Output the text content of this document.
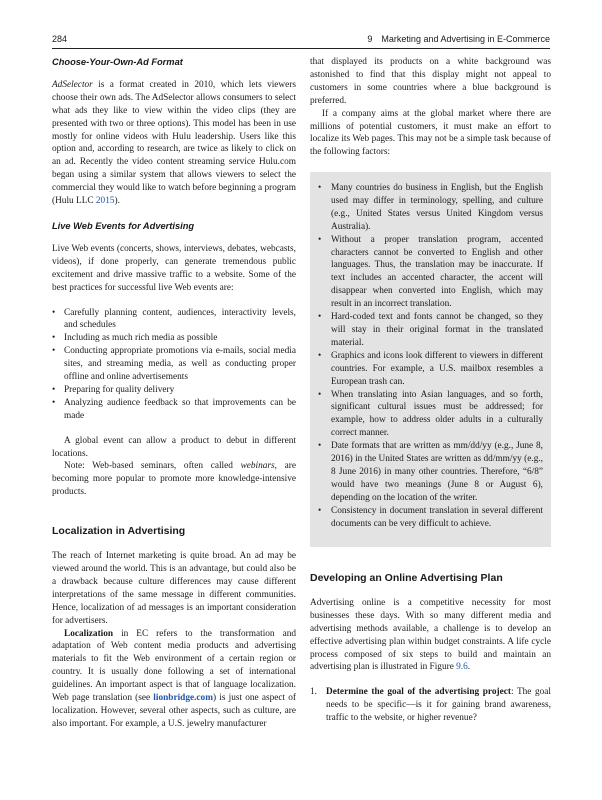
284	9 Marketing and Advertising in E-Commerce
Choose-Your-Own-Ad Format

AdSelector is a format created in 2010, which lets viewers choose their own ads. The AdSelector allows consumers to select what ads they like to view within the video clips (they are presented with two or three options). This model has been in use mostly for online videos with Hulu leadership. Users like this option and, according to research, are twice as likely to click on an ad. Recently the video content streaming service Hulu.com began using a similar system that allows viewers to select the commercial they would like to watch before beginning a program (Hulu LLC 2015).

Live Web Events for Advertising

Live Web events (concerts, shows, interviews, debates, webcasts, videos), if done properly, can generate tremendous public excitement and drive massive traffic to a website. Some of the best practices for successful live Web events are:

• Carefully planning content, audiences, interactivity levels, and schedules
• Including as much rich media as possible
• Conducting appropriate promotions via e-mails, social media sites, and streaming media, as well as conducting proper offline and online advertisements
• Preparing for quality delivery
• Analyzing audience feedback so that improvements can be made

A global event can allow a product to debut in different locations.

Note: Web-based seminars, often called webinars, are becoming more popular to promote more knowledge-intensive products.

Localization in Advertising

The reach of Internet marketing is quite broad. An ad may be viewed around the world. This is an advantage, but could also be a drawback because culture differences may cause different interpretations of the same message in different communities. Hence, localization of ad messages is an important consideration for advertisers.

Localization in EC refers to the transformation and adaptation of Web content media products and advertising materials to fit the Web environment of a certain region or country. It is usually done following a set of international guidelines. An important aspect is that of language localization. Web page translation (see lionbridge.com) is just one aspect of localization. However, several other aspects, such as culture, are also important. For example, a U.S. jewelry manufacturer

that displayed its products on a white background was astonished to find that this display might not appeal to customers in some countries where a blue background is preferred.

If a company aims at the global market where there are millions of potential customers, it must make an effort to localize its Web pages. This may not be a simple task because of the following factors:

• Many countries do business in English, but the English used may differ in terminology, spelling, and culture (e.g., United States versus United Kingdom versus Australia).
• Without a proper translation program, accented characters cannot be converted to English and other languages. Thus, the translation may be inaccurate. If text includes an accented character, the accent will disappear when converted into English, which may result in an incorrect translation.
• Hard-coded text and fonts cannot be changed, so they will stay in their original format in the translated material.
• Graphics and icons look different to viewers in different countries. For example, a U.S. mailbox resembles a European trash can.
• When translating into Asian languages, and so forth, significant cultural issues must be addressed; for example, how to address older adults in a culturally correct manner.
• Date formats that are written as mm/dd/yy (e.g., June 8, 2016) in the United States are written as dd/mm/yy (e.g., 8 June 2016) in many other countries. Therefore, “6/8” would have two meanings (June 8 or August 6), depending on the location of the writer.
• Consistency in document translation in several different documents can be very difficult to achieve.
Developing an Online Advertising Plan

Advertising online is a competitive necessity for most businesses these days. With so many different media and advertising methods available, a challenge is to develop an effective advertising plan within budget constraints. A life cycle process composed of six steps to build and maintain an advertising plan is illustrated in Figure 9.6.

1. Determine the goal of the advertising project: The goal needs to be specific—is it for gaining brand awareness, traffic to the website, or higher revenue?
